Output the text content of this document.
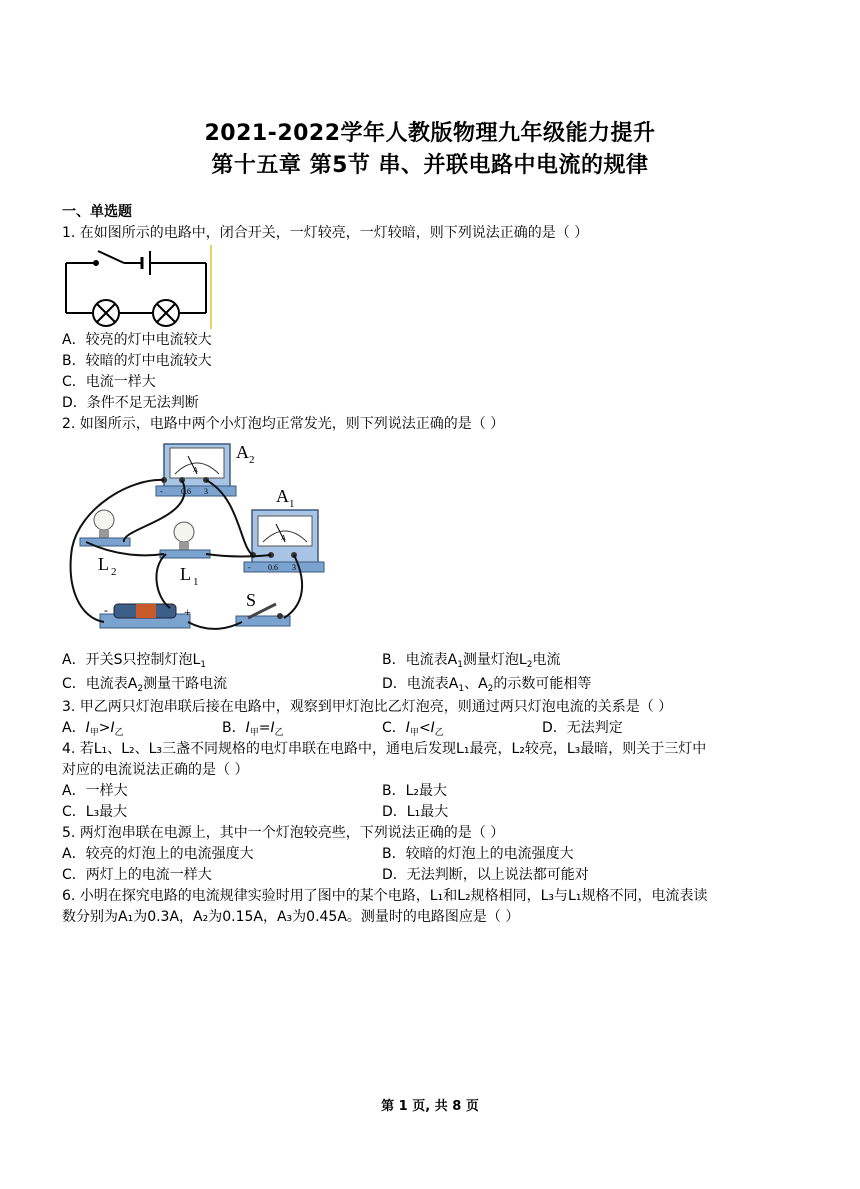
2021-2022学年人教版物理九年级能力提升
第十五章 第5节 串、并联电路中电流的规律
一、单选题
1. 在如图所示的电路中，闭合开关，一灯较亮，一灯较暗，则下列说法正确的是（ ）
A．较亮的灯中电流较大
B．较暗的灯中电流较大
C．电流一样大
D．条件不足无法判断
2. 如图所示，电路中两个小灯泡均正常发光，则下列说法正确的是（ ）
A
- 0.6 3
A 2
A
- 0.6 3
A 1
L 2	L 1
-	+
S
A．开关S只控制灯泡$L_1$	B．电流表$A_1$测量灯泡$L_2$电流
C．电流表$A_2$测量干路电流	D．电流表$A_1$、$A_2$的示数可能相等
3. 甲乙两只灯泡串联后接在电路中，观察到甲灯泡比乙灯泡亮，则通过两只灯泡电流的关系是（ ）
A．$I_甲>I_乙$	B．$I_甲=I_乙$	C．$I_甲<I_乙$	D．无法判定
4. 若L₁、L₂、L₃三盏不同规格的电灯串联在电路中，通电后发现L₁最亮，L₂较亮，L₃最暗，则关于三灯中
对应的电流说法正确的是（ ）
A．一样大	B．L₂最大
C．L₃最大	D．L₁最大
5. 两灯泡串联在电源上，其中一个灯泡较亮些，下列说法正确的是（ ）
A．较亮的灯泡上的电流强度大	B．较暗的灯泡上的电流强度大
C．两灯上的电流一样大	D．无法判断，以上说法都可能对
6. 小明在探究电路的电流规律实验时用了图中的某个电路，L₁和L₂规格相同，L₃与L₁规格不同，电流表读
数分别为A₁为0.3A，A₂为0.15A，A₃为0.45A。测量时的电路图应是（ ）
第 1 页, 共 8 页
